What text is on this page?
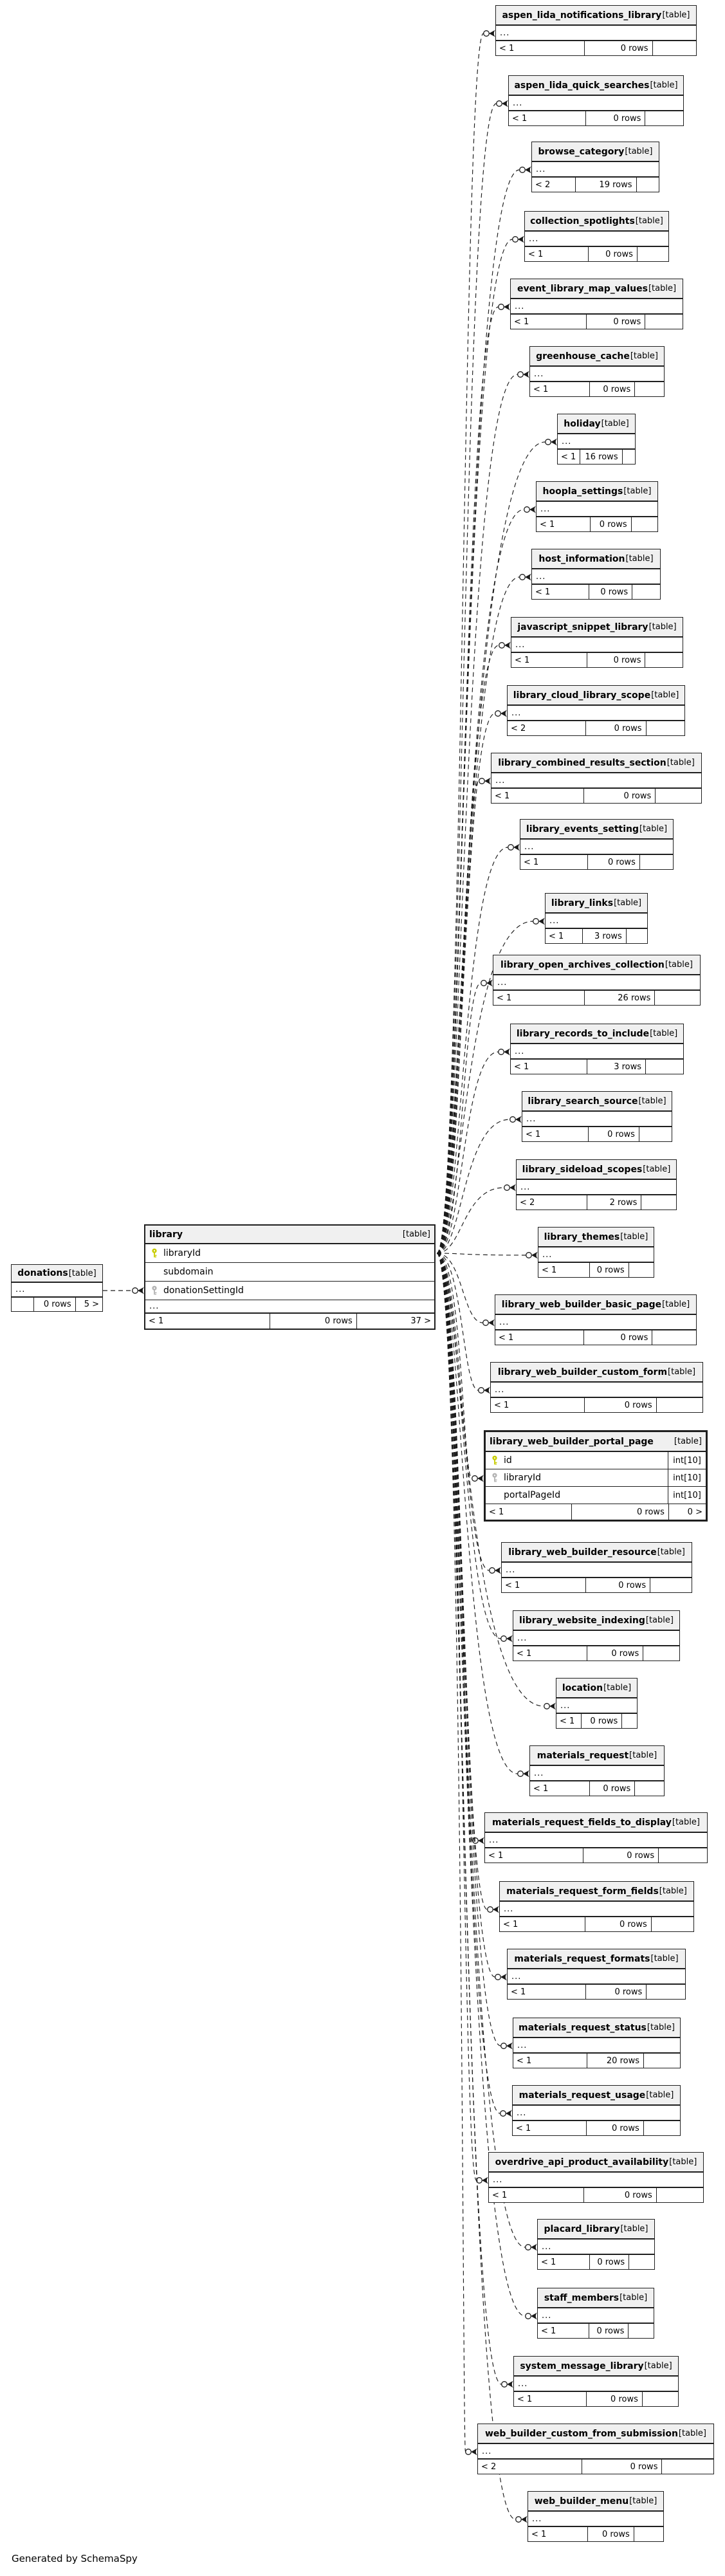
Generated by SchemaSpy
library	[table]
libraryId
subdomain
donationSettingId
...
< 1	0 rows	37 >
donations [table]
...
0 rows	5 >
aspen_lida_notifications_library [table]
...
< 1	0 rows
aspen_lida_quick_searches [table]
...
< 1	0 rows
browse_category [table]
...
< 2	19 rows
collection_spotlights [table]
...
< 1	0 rows
event_library_map_values [table]
...
< 1	0 rows
greenhouse_cache [table]
...
< 1	0 rows
holiday [table]
...
< 1	16 rows
hoopla_settings [table]
...
< 1	0 rows
host_information [table]
...
< 1	0 rows
javascript_snippet_library [table]
...
< 1	0 rows
library_cloud_library_scope [table]
...
< 2	0 rows
library_combined_results_section [table]
...
< 1	0 rows
library_events_setting [table]
...
< 1	0 rows
library_links [table]
...
< 1	3 rows
library_open_archives_collection [table]
...
< 1	26 rows
library_records_to_include [table]
...
< 1	3 rows
library_search_source [table]
...
< 1	0 rows
library_sideload_scopes [table]
...
< 2	2 rows
library_themes [table]
...
< 1	0 rows
library_web_builder_basic_page [table]
...
< 1	0 rows
library_web_builder_custom_form [table]
...
< 1	0 rows
library_web_builder_portal_page [table]
id	int[10]
libraryId	int[10]
portalPageId	int[10]
< 1	0 rows	0 >
library_web_builder_resource [table]
...
< 1	0 rows
library_website_indexing [table]
...
< 1	0 rows
location [table]
...
< 1	0 rows
materials_request [table]
...
< 1	0 rows
materials_request_fields_to_display [table]
...
< 1	0 rows
materials_request_form_fields [table]
...
< 1	0 rows
materials_request_formats [table]
...
< 1	0 rows
materials_request_status [table]
...
< 1	20 rows
materials_request_usage [table]
...
< 1	0 rows
overdrive_api_product_availability [table]
...
< 1	0 rows
placard_library [table]
...
< 1	0 rows
staff_members [table]
...
< 1	0 rows
system_message_library [table]
...
< 1	0 rows
web_builder_custom_from_submission [table]
...
< 2	0 rows
web_builder_menu [table]
...
< 1	0 rows
